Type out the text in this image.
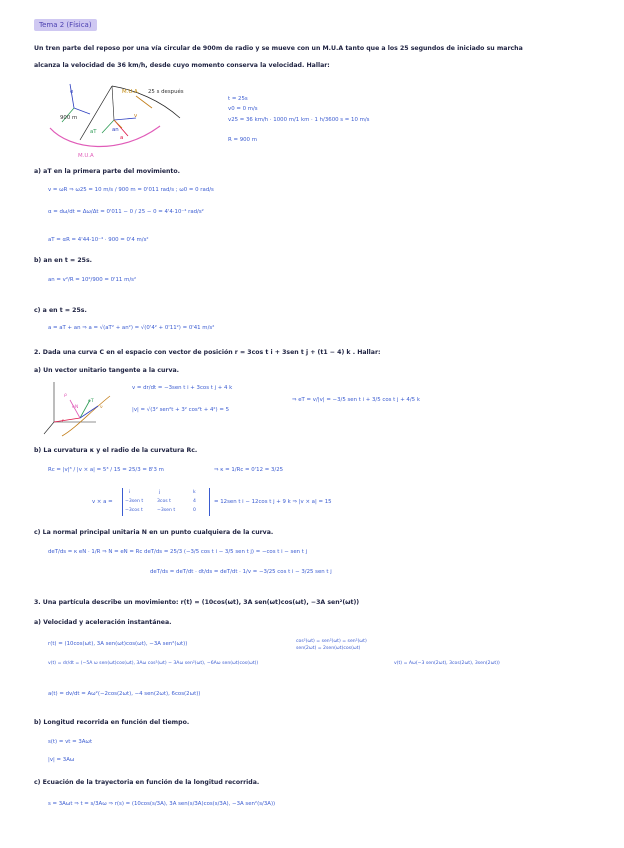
Tema 2 (Física)
Un tren parte del reposo por una vía circular de 900m de radio y se mueve con un M.U.A tanto que a los 25 segundos de iniciado su marcha
alcanza la velocidad de 36 km/h, desde cuyo momento conserva la velocidad. Hallar:
M.U.A. 25 s después
900 m
M.U.A
e
aT	an
a
ν
t = 25s
v0 = 0 m/s
v25 = 36 km/h · 1000 m/1 km · 1 h/3600 s = 10 m/s
R = 900 m
a) aT en la primera parte del movimiento.
v = ωR ⇒ ω25 = 10 m/s / 900 m = 0'011 rad/s ; ω0 = 0 rad/s
α = dω/dt = Δω/Δt = 0'011 − 0 / 25 − 0 = 4'4·10⁻⁴ rad/s²
aT = αR = 4'44·10⁻⁴ · 900 = 0'4 m/s²
b) an en t = 25s.
an = v²/R = 10²/900 = 0'11 m/s²
c) a en t = 25s.
a = aT + an ⇒ a = √(aT² + an²) = √(0'4² + 0'11²) = 0'41 m/s²
2. Dada una curva C en el espacio con vector de posición r = 3cos t i + 3sen t j + (t1 − 4) k . Hallar:
a) Un vector unitario tangente a la curva.
ρ
r
eT
eN	ν
v = dr/dt = −3sen t i + 3cos t j + 4 k
|v| = √(3² sen²t + 3² cos²t + 4²) = 5
⇒ eT = v/|v| = −3/5 sen t i + 3/5 cos t j + 4/5 k
b) La curvatura κ y el radio de la curvatura Rc.
Rc = |v|³ / |v × a| = 5³ / 15 = 25/3 = 8'3 m	⇒ κ = 1/Rc = 0'12 = 3/25
v × a =
i	j	k
−3sen t	3cos t	4
−3cos t	−3sen t	0
= 12sen t i − 12cos t j + 9 k ⇒ |v × a| = 15
c) La normal principal unitaria N en un punto cualquiera de la curva.
deT/ds = κ eN · 1/R ⇒ N = eN = Rc deT/ds = 25/3 (−3/5 cos t i − 3/5 sen t j) = −cos t i − sen t j
deT/ds = deT/dt · dt/ds = deT/dt · 1/v = −3/25 cos t i − 3/25 sen t j
3. Una partícula describe un movimiento: r(t) = (10cos(ωt), 3A sen(ωt)cos(ωt), −3A sen²(ωt))
a) Velocidad y aceleración instantánea.
r(t) = (10cos(ωt), 3A sen(ωt)cos(ωt), −3A sen²(ωt))	cos²(ωt) = sen²(ωt) = sen²(ωt)
sen(2ωt) = 2sen(ωt)cos(ωt)
v(t) = dr/dt = (−5A ω sen(ωt)cos(ωt), 3Aω cos²(ωt) − 3Aω sen²(ωt), −6Aω sen(ωt)cos(ωt))	v(t) = Aω(−3 sen(2ωt), 3cos(2ωt), 3sen(2ωt))
a(t) = dv/dt = Aω²(−2cos(2ωt), −4 sen(2ωt), 6cos(2ωt))
b) Longitud recorrida en función del tiempo.
s(t) = vt = 3Aωt
|v| = 3Aω
c) Ecuación de la trayectoria en función de la longitud recorrida.
s = 3Aωt ⇒ t = s/3Aω ⇒ r(s) = (10cos(s/3A), 3A sen(s/3A)cos(s/3A), −3A sen²(s/3A))
